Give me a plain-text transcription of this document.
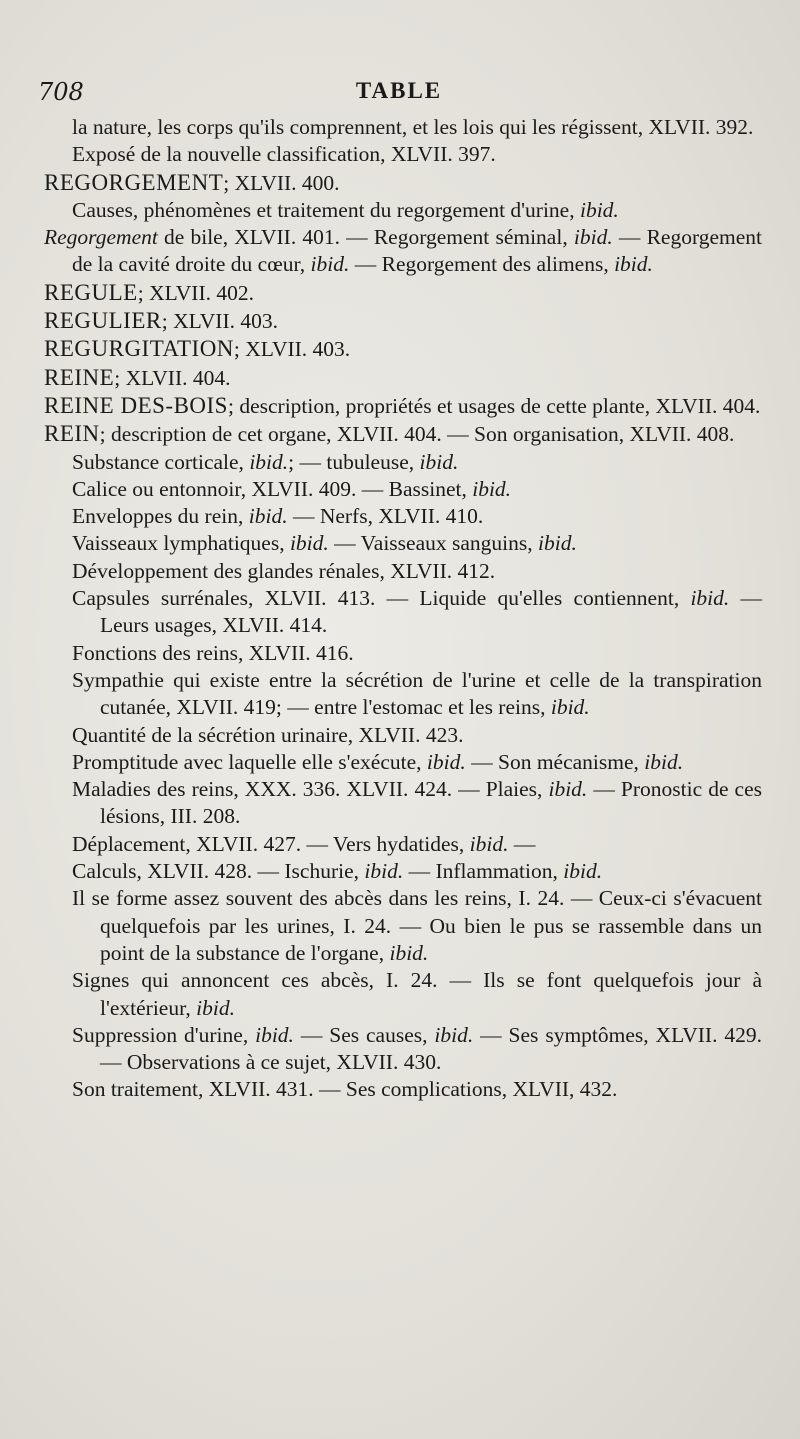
708	TABLE

la nature, les corps qu'ils comprennent, et les lois qui les régissent, XLVII. 392.

Exposé de la nouvelle classification, XLVII. 397.

REGORGEMENT; XLVII. 400.

Causes, phénomènes et traitement du regorgement d'urine, ibid.

Regorgement de bile, XLVII. 401. — Regorgement séminal, ibid. — Regorgement de la cavité droite du cœur, ibid. — Regorgement des alimens, ibid.

REGULE; XLVII. 402.

REGULIER; XLVII. 403.

REGURGITATION; XLVII. 403.

REINE; XLVII. 404.

REINE DES-BOIS; description, propriétés et usages de cette plante, XLVII. 404.

REIN; description de cet organe, XLVII. 404. — Son organisation, XLVII. 408.

Substance corticale, ibid.; — tubuleuse, ibid.

Calice ou entonnoir, XLVII. 409. — Bassinet, ibid.

Enveloppes du rein, ibid. — Nerfs, XLVII. 410.

Vaisseaux lymphatiques, ibid. — Vaisseaux sanguins, ibid.

Développement des glandes rénales, XLVII. 412.

Capsules surrénales, XLVII. 413. — Liquide qu'elles contiennent, ibid. — Leurs usages, XLVII. 414.

Fonctions des reins, XLVII. 416.

Sympathie qui existe entre la sécrétion de l'urine et celle de la transpiration cutanée, XLVII. 419; — entre l'estomac et les reins, ibid.

Quantité de la sécrétion urinaire, XLVII. 423.

Promptitude avec laquelle elle s'exécute, ibid. — Son mécanisme, ibid.

Maladies des reins, XXX. 336. XLVII. 424. — Plaies, ibid. — Pronostic de ces lésions, III. 208.

Déplacement, XLVII. 427. — Vers hydatides, ibid. —

Calculs, XLVII. 428. — Ischurie, ibid. — Inflammation, ibid.

Il se forme assez souvent des abcès dans les reins, I. 24. — Ceux-ci s'évacuent quelquefois par les urines, I. 24. — Ou bien le pus se rassemble dans un point de la substance de l'organe, ibid.

Signes qui annoncent ces abcès, I. 24. — Ils se font quelquefois jour à l'extérieur, ibid.

Suppression d'urine, ibid. — Ses causes, ibid. — Ses symptômes, XLVII. 429. — Observations à ce sujet, XLVII. 430.

Son traitement, XLVII. 431. — Ses complications, XLVII, 432.
